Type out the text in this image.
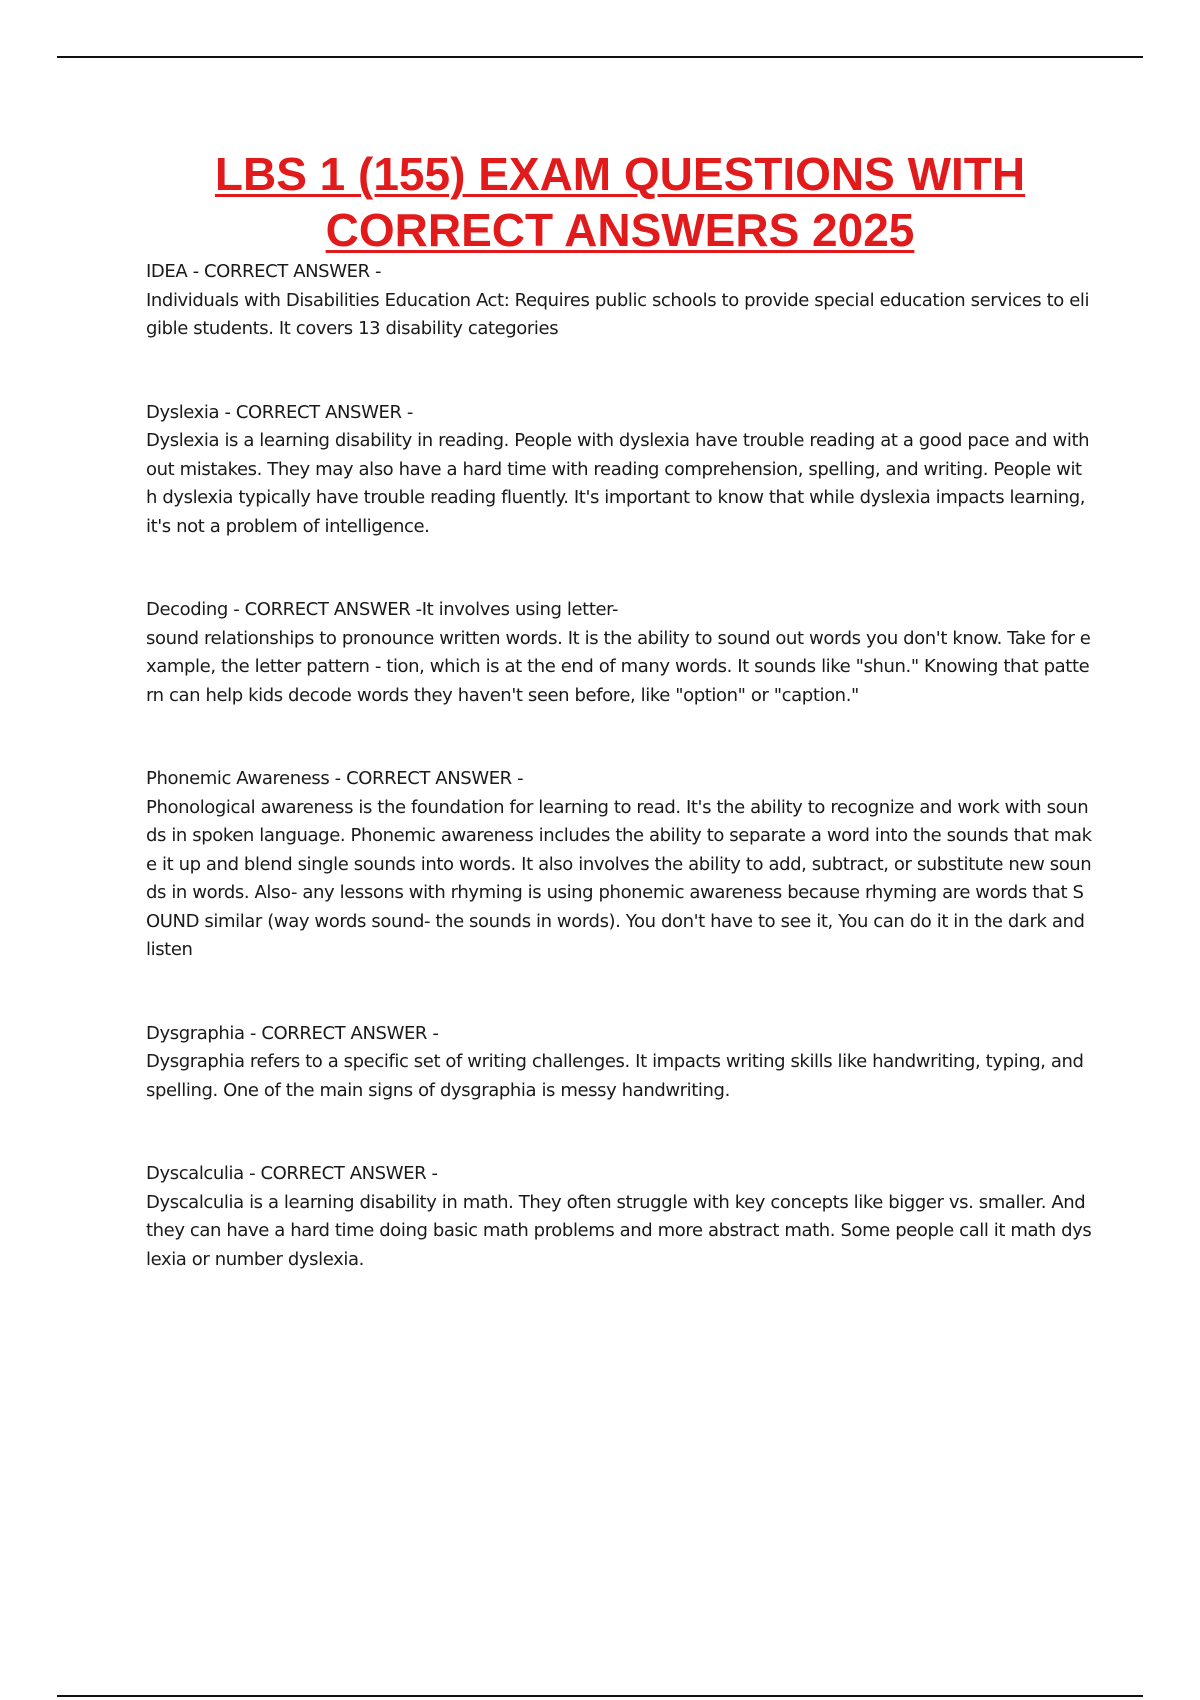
LBS 1 (155) EXAM QUESTIONS WITH
CORRECT ANSWERS 2025
IDEA - CORRECT ANSWER -

Individuals with Disabilities Education Act: Requires public schools to provide special education services to eligible students. It covers 13 disability categories

Dyslexia - CORRECT ANSWER -

Dyslexia is a learning disability in reading. People with dyslexia have trouble reading at a good pace and without mistakes. They may also have a hard time with reading comprehension, spelling, and writing. People with dyslexia typically have trouble reading fluently. It's important to know that while dyslexia impacts learning, it's not a problem of intelligence.

Decoding - CORRECT ANSWER -It involves using letter-

sound relationships to pronounce written words. It is the ability to sound out words you don't know. Take for example, the letter pattern - tion, which is at the end of many words. It sounds like "shun." Knowing that pattern can help kids decode words they haven't seen before, like "option" or "caption."

Phonemic Awareness - CORRECT ANSWER -

Phonological awareness is the foundation for learning to read. It's the ability to recognize and work with sounds in spoken language. Phonemic awareness includes the ability to separate a word into the sounds that make it up and blend single sounds into words. It also involves the ability to add, subtract, or substitute new sounds in words. Also- any lessons with rhyming is using phonemic awareness because rhyming are words that SOUND similar (way words sound- the sounds in words). You don't have to see it, You can do it in the dark and listen

Dysgraphia - CORRECT ANSWER -

Dysgraphia refers to a specific set of writing challenges. It impacts writing skills like handwriting, typing, and spelling. One of the main signs of dysgraphia is messy handwriting.

Dyscalculia - CORRECT ANSWER -

Dyscalculia is a learning disability in math. They often struggle with key concepts like bigger vs. smaller. And they can have a hard time doing basic math problems and more abstract math. Some people call it math dyslexia or number dyslexia.
